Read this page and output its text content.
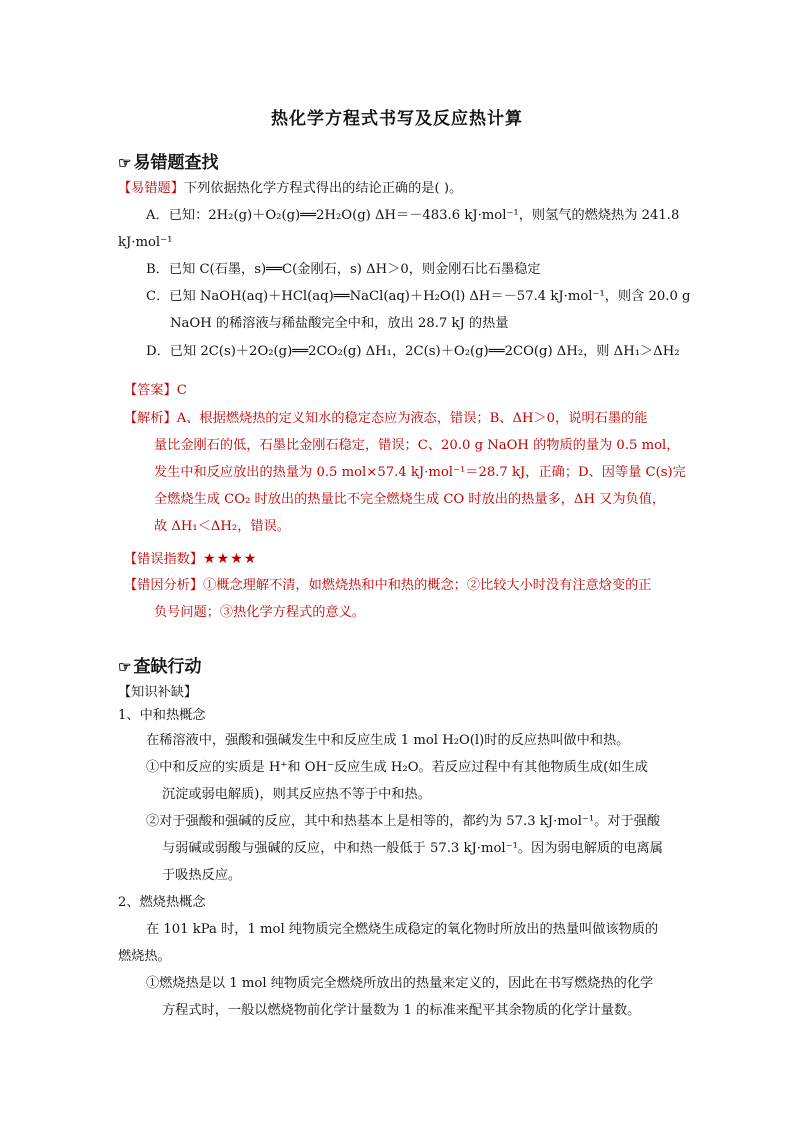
热化学方程式书写及反应热计算
☞ 易错题查找
【易错题】下列依据热化学方程式得出的结论正确的是( )。
A．已知：2H₂(g)＋O₂(g)══2H₂O(g) ΔH＝－483.6 kJ·mol⁻¹，则氢气的燃烧热为 241.8
kJ·mol⁻¹
B．已知 C(石墨，s)══C(金刚石，s) ΔH＞0，则金刚石比石墨稳定
C．已知 NaOH(aq)＋HCl(aq)══NaCl(aq)＋H₂O(l) ΔH＝－57.4 kJ·mol⁻¹，则含 20.0 g
NaOH 的稀溶液与稀盐酸完全中和，放出 28.7 kJ 的热量
D．已知 2C(s)＋2O₂(g)══2CO₂(g) ΔH₁，2C(s)＋O₂(g)══2CO(g) ΔH₂，则 ΔH₁＞ΔH₂
【答案】C
【解析】A、根据燃烧热的定义知水的稳定态应为液态，错误；B、ΔH＞0，说明石墨的能
量比金刚石的低，石墨比金刚石稳定，错误；C、20.0 g NaOH 的物质的量为 0.5 mol，
发生中和反应放出的热量为 0.5 mol×57.4 kJ·mol⁻¹＝28.7 kJ，正确；D、因等量 C(s)完
全燃烧生成 CO₂ 时放出的热量比不完全燃烧生成 CO 时放出的热量多，ΔH 又为负值，
故 ΔH₁＜ΔH₂，错误。
【错误指数】★★★★
【错因分析】①概念理解不清，如燃烧热和中和热的概念；②比较大小时没有注意焓变的正
负号问题；③热化学方程式的意义。
☞ 查缺行动
【知识补缺】
1、中和热概念
在稀溶液中，强酸和强碱发生中和反应生成 1 mol H₂O(l)时的反应热叫做中和热。
①中和反应的实质是 H⁺和 OH⁻反应生成 H₂O。若反应过程中有其他物质生成(如生成
沉淀或弱电解质)，则其反应热不等于中和热。
②对于强酸和强碱的反应，其中和热基本上是相等的，都约为 57.3 kJ·mol⁻¹。对于强酸
与弱碱或弱酸与强碱的反应，中和热一般低于 57.3 kJ·mol⁻¹。因为弱电解质的电离属
于吸热反应。
2、燃烧热概念
在 101 kPa 时，1 mol 纯物质完全燃烧生成稳定的氧化物时所放出的热量叫做该物质的
燃烧热。
①燃烧热是以 1 mol 纯物质完全燃烧所放出的热量来定义的，因此在书写燃烧热的化学
方程式时，一般以燃烧物前化学计量数为 1 的标准来配平其余物质的化学计量数。
